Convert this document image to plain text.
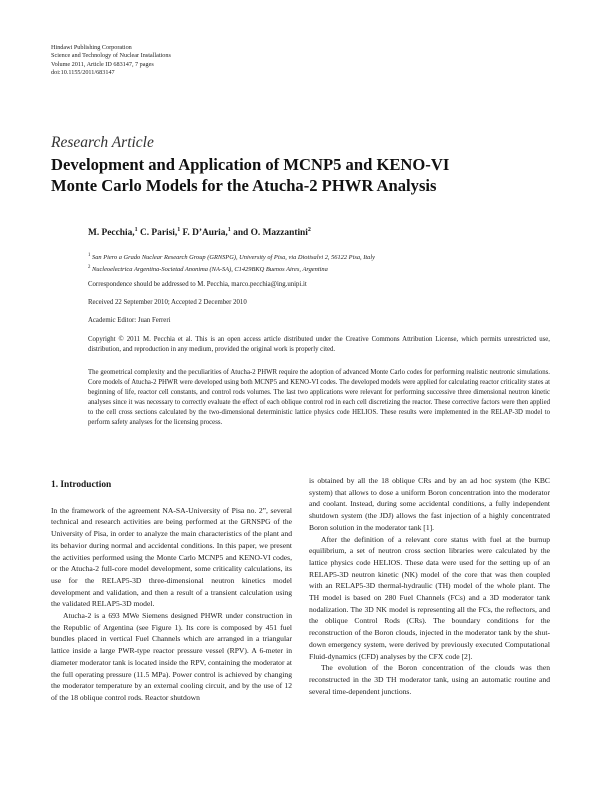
Hindawi Publishing Corporation
Science and Technology of Nuclear Installations
Volume 2011, Article ID 683147, 7 pages
doi:10.1155/2011/683147
Research Article
Development and Application of MCNP5 and KENO-VI
Monte Carlo Models for the Atucha-2 PHWR Analysis
M. Pecchia,$^1$ C. Parisi,$^1$ F. D’Auria,$^1$ and O. Mazzantini$^2$
$^1$ San Piero a Grado Nuclear Research Group (GRNSPG), University of Pisa, via Diotisalvi 2, 56122 Pisa, Italy
$^2$ Nucleoelectrica Argentina-Societad Anonima (NA-SA), C1429BKQ Buenos Aires, Argentina
Correspondence should be addressed to M. Pecchia, marco.pecchia@ing.unipi.it
Received 22 September 2010; Accepted 2 December 2010
Academic Editor: Juan Ferreri
Copyright © 2011 M. Pecchia et al. This is an open access article distributed under the Creative Commons Attribution License, which permits unrestricted use, distribution, and reproduction in any medium, provided the original work is properly cited.
The geometrical complexity and the peculiarities of Atucha-2 PHWR require the adoption of advanced Monte Carlo codes for performing realistic neutronic simulations. Core models of Atucha-2 PHWR were developed using both MCNP5 and KENO-VI codes. The developed models were applied for calculating reactor criticality states at beginning of life, reactor cell constants, and control rods volumes. The last two applications were relevant for performing successive three dimensional neutron kinetic analyses since it was necessary to correctly evaluate the effect of each oblique control rod in each cell discretizing the reactor. These corrective factors were then applied to the cell cross sections calculated by the two-dimensional deterministic lattice physics code HELIOS. These results were implemented in the RELAP-3D model to perform safety analyses for the licensing process.
1. Introduction

In the framework of the agreement NA-SA-University of Pisa no. 2”, several technical and research activities are being performed at the GRNSPG of the University of Pisa, in order to analyze the main characteristics of the plant and its behavior during normal and accidental conditions. In this paper, we present the activities performed using the Monte Carlo MCNP5 and KENO-VI codes, or the Atucha-2 full-core model development, some criticality calculations, its use for the RELAP5-3D three-dimensional neutron kinetics model development and validation, and then a result of a transient calculation using the validated RELAP5-3D model.

Atucha-2 is a 693 MWe Siemens designed PHWR under construction in the Republic of Argentina (see Figure 1). Its core is composed by 451 fuel bundles placed in vertical Fuel Channels which are arranged in a triangular lattice inside a large PWR-type reactor pressure vessel (RPV). A 6-meter in diameter moderator tank is located inside the RPV, containing the moderator at the full operating pressure (11.5 MPa). Power control is achieved by changing the moderator temperature by an external cooling circuit, and by the use of 12 of the 18 oblique control rods. Reactor shutdown

is obtained by all the 18 oblique CRs and by an ad hoc system (the KBC system) that allows to dose a uniform Boron concentration into the moderator and coolant. Instead, during some accidental conditions, a fully independent shutdown system (the JDJ) allows the fast injection of a highly concentrated Boron solution in the moderator tank [1].

After the definition of a relevant core status with fuel at the burnup equilibrium, a set of neutron cross section libraries were calculated by the lattice physics code HELIOS. These data were used for the setting up of an RELAP5-3D neutron kinetic (NK) model of the core that was then coupled with an RELAP5-3D thermal-hydraulic (TH) model of the whole plant. The TH model is based on 280 Fuel Channels (FCs) and a 3D moderator tank nodalization. The 3D NK model is representing all the FCs, the reflectors, and the oblique Control Rods (CRs). The boundary conditions for the reconstruction of the Boron clouds, injected in the moderator tank by the shut-down emergency system, were derived by previously executed Computational Fluid-dynamics (CFD) analyses by the CFX code [2].

The evolution of the Boron concentration of the clouds was then reconstructed in the 3D TH moderator tank, using an automatic routine and several time-dependent junctions.
